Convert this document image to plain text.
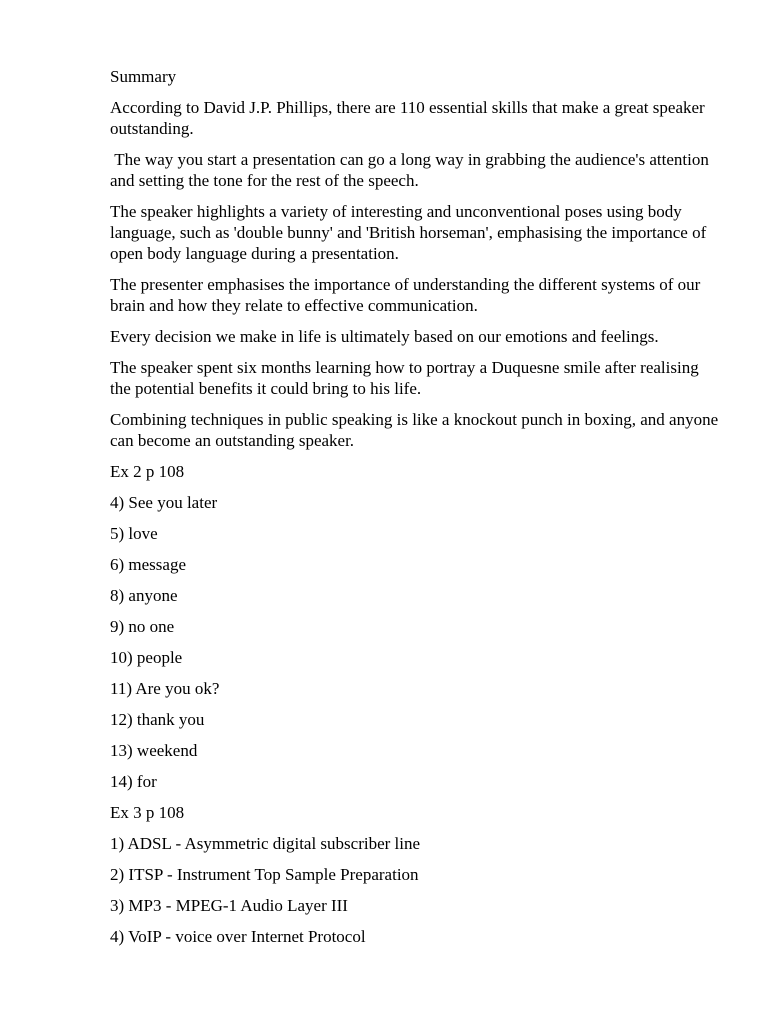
Summary

According to David J.P. Phillips, there are 110 essential skills that make a great speaker outstanding.

The way you start a presentation can go a long way in grabbing the audience's attention and setting the tone for the rest of the speech.

The speaker highlights a variety of interesting and unconventional poses using body language, such as 'double bunny' and 'British horseman', emphasising the importance of open body language during a presentation.

The presenter emphasises the importance of understanding the different systems of our brain and how they relate to effective communication.

Every decision we make in life is ultimately based on our emotions and feelings.

The speaker spent six months learning how to portray a Duquesne smile after realising the potential benefits it could bring to his life.

Combining techniques in public speaking is like a knockout punch in boxing, and anyone can become an outstanding speaker.

Ex 2 p 108

4) See you later

5) love

6) message

8) anyone

9) no one

10) people

11) Are you ok?

12) thank you

13) weekend

14) for

Ex 3 p 108

1) ADSL - Asymmetric digital subscriber line

2) ITSP - Instrument Top Sample Preparation

3) MP3 - MPEG-1 Audio Layer III

4) VoIP - voice over Internet Protocol
